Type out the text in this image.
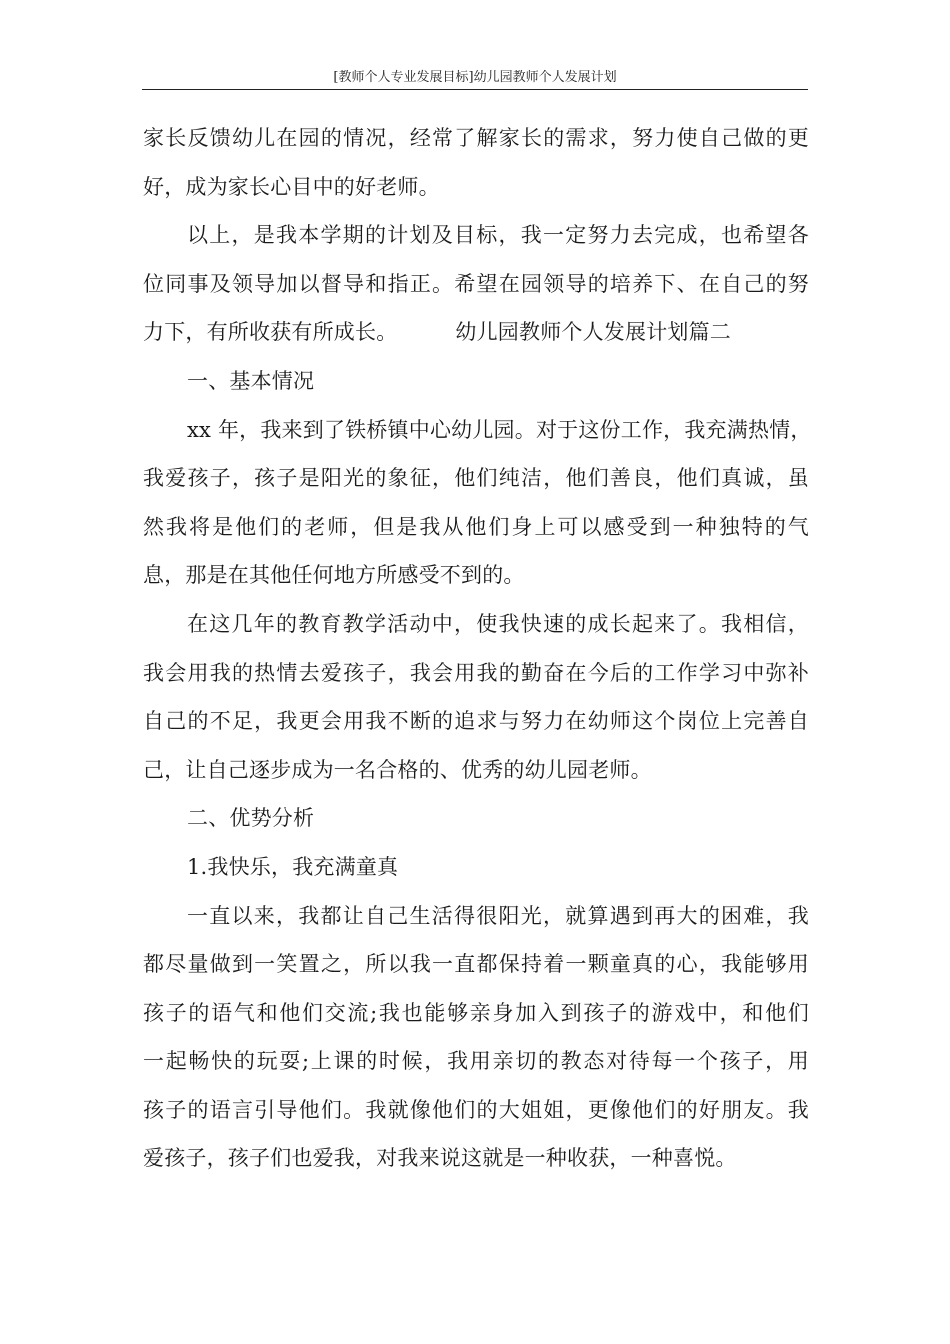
[教师个人专业发展目标]幼儿园教师个人发展计划
家长反馈幼儿在园的情况，经常了解家长的需求，努力使自己做的更
好，成为家长心目中的好老师。
以上，是我本学期的计划及目标，我一定努力去完成，也希望各
位同事及领导加以督导和指正。希望在园领导的培养下、在自己的努
力下，有所收获有所成长。	幼儿园教师个人发展计划篇二
一、基本情况
xx 年，我来到了铁桥镇中心幼儿园。对于这份工作，我充满热情，
我爱孩子，孩子是阳光的象征，他们纯洁，他们善良，他们真诚，虽
然我将是他们的老师，但是我从他们身上可以感受到一种独特的气
息，那是在其他任何地方所感受不到的。
在这几年的教育教学活动中，使我快速的成长起来了。我相信，
我会用我的热情去爱孩子，我会用我的勤奋在今后的工作学习中弥补
自己的不足，我更会用我不断的追求与努力在幼师这个岗位上完善自
己，让自己逐步成为一名合格的、优秀的幼儿园老师。
二、优势分析
1.我快乐，我充满童真
一直以来，我都让自己生活得很阳光，就算遇到再大的困难，我
都尽量做到一笑置之，所以我一直都保持着一颗童真的心，我能够用
孩子的语气和他们交流;我也能够亲身加入到孩子的游戏中，和他们
一起畅快的玩耍;上课的时候，我用亲切的教态对待每一个孩子，用
孩子的语言引导他们。我就像他们的大姐姐，更像他们的好朋友。我
爱孩子，孩子们也爱我，对我来说这就是一种收获，一种喜悦。
